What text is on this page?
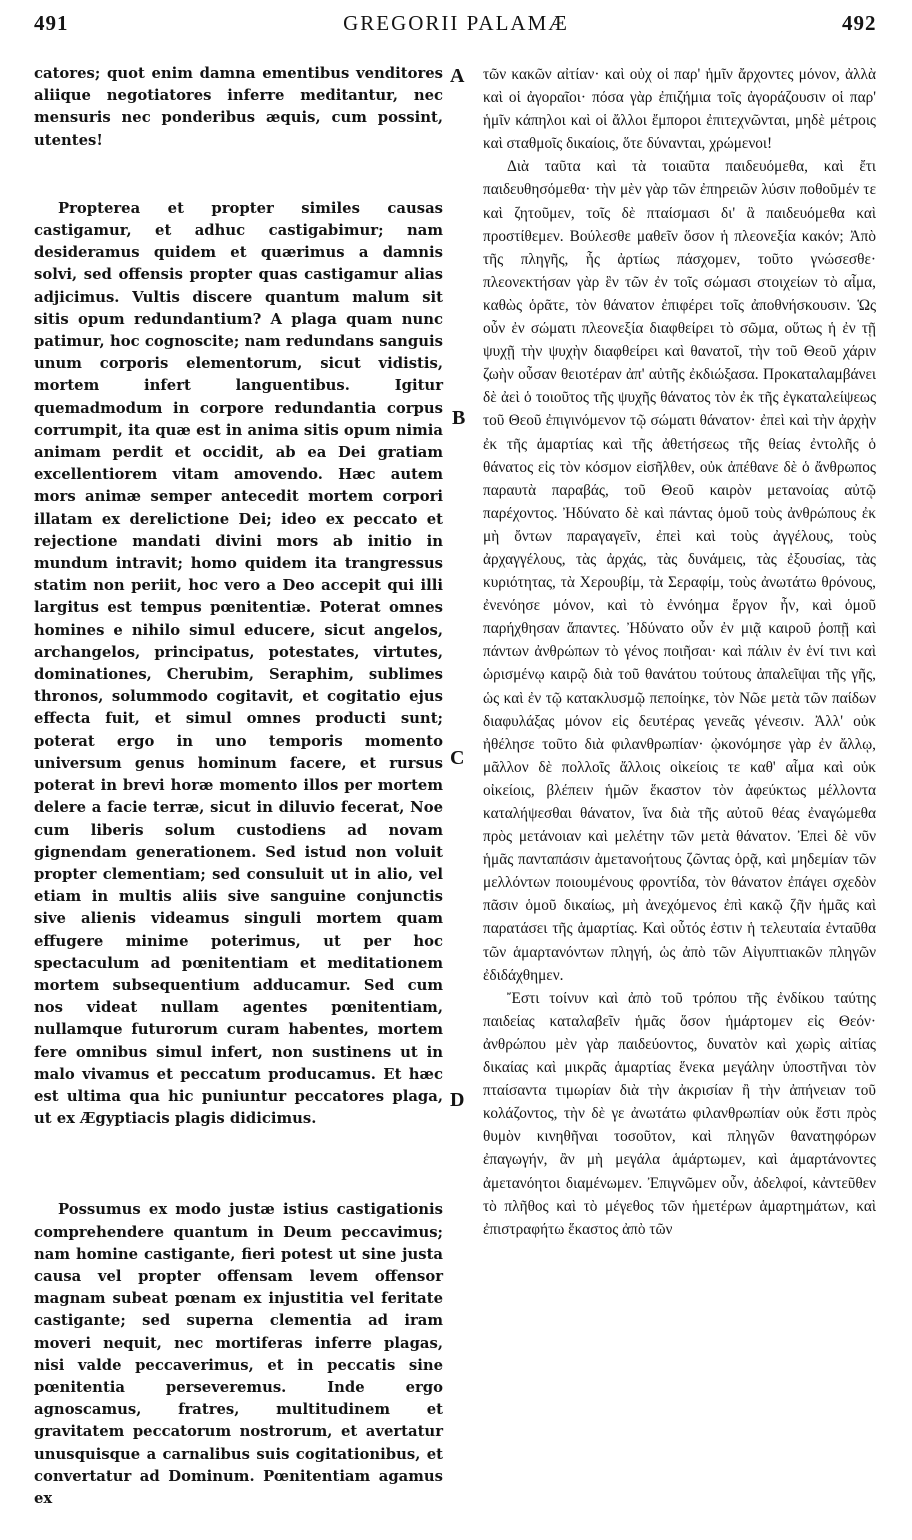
491	GREGORII PALAMÆ	492

catores; quot enim damna ementibus venditores aliique negotiatores inferre meditantur, nec mensuris nec ponderibus æquis, cum possint, utentes!

Propterea et propter similes causas castigamur, et adhuc castigabimur; nam desideramus quidem et quærimus a damnis solvi, sed offensis propter quas castigamur alias adjicimus. Vultis discere quantum malum sit sitis opum redundantium? A plaga quam nunc patimur, hoc cognoscite; nam redundans sanguis unum corporis elementorum, sicut vidistis, mortem infert languentibus. Igitur quemadmodum in corpore redundantia corpus corrumpit, ita quæ est in anima sitis opum nimia animam perdit et occidit, ab ea Dei gratiam excellentiorem vitam amovendo. Hæc autem mors animæ semper antecedit mortem corpori illatam ex derelictione Dei; ideo ex peccato et rejectione mandati divini mors ab initio in mundum intravit; homo quidem ita trangressus statim non periit, hoc vero a Deo accepit qui illi largitus est tempus pœnitentiæ. Poterat omnes homines e nihilo simul educere, sicut angelos, archangelos, principatus, potestates, virtutes, dominationes, Cherubim, Seraphim, sublimes thronos, solummodo cogitavit, et cogitatio ejus effecta fuit, et simul omnes producti sunt; poterat ergo in uno temporis momento universum genus hominum facere, et rursus poterat in brevi horæ momento illos per mortem delere a facie terræ, sicut in diluvio fecerat, Noe cum liberis solum custodiens ad novam gignendam generationem. Sed istud non voluit propter clementiam; sed consuluit ut in alio, vel etiam in multis aliis sive sanguine conjunctis sive alienis videamus singuli mortem quam effugere minime poterimus, ut per hoc spectaculum ad pœnitentiam et meditationem mortem subsequentium adducamur. Sed cum nos videat nullam agentes pœnitentiam, nullamque futurorum curam habentes, mortem fere omnibus simul infert, non sustinens ut in malo vivamus et peccatum producamus. Et hæc est ultima qua hic puniuntur peccatores plaga, ut ex Ægyptiacis plagis didicimus.

Possumus ex modo justæ istius castigationis comprehendere quantum in Deum peccavimus; nam homine castigante, fieri potest ut sine justa causa vel propter offensam levem offensor magnam subeat pœnam ex injustitia vel feritate castigante; sed superna clementia ad iram moveri nequit, nec mortiferas inferre plagas, nisi valde peccaverimus, et in peccatis sine pœnitentia perseveremus. Inde ergo agnoscamus, fratres, multitudinem et gravitatem peccatorum nostrorum, et avertatur unusquisque a carnalibus suis cogitationibus, et convertatur ad Dominum. Pœnitentiam agamus ex

A
B
C
D

τῶν κακῶν αἰτίαν· καὶ οὐχ οἱ παρ' ἡμῖν ἄρχοντες μόνον, ἀλλὰ καὶ οἱ ἀγοραῖοι· πόσα γὰρ ἐπιζήμια τοῖς ἀγοράζουσιν οἱ παρ' ἡμῖν κάπηλοι καὶ οἱ ἄλλοι ἔμποροι ἐπιτεχνῶνται, μηδὲ μέτροις καὶ σταθμοῖς δικαίοις, ὅτε δύνανται, χρώμενοι!

Διὰ ταῦτα καὶ τὰ τοιαῦτα παιδευόμεθα, καὶ ἔτι παιδευθησόμεθα· τὴν μὲν γὰρ τῶν ἐπηρειῶν λύσιν ποθοῦμέν τε καὶ ζητοῦμεν, τοῖς δὲ πταίσμασι δι' ἃ παιδευόμεθα καὶ προστίθεμεν. Βούλεσθε μαθεῖν ὅσον ἡ πλεονεξία κακόν; Ἀπὸ τῆς πληγῆς, ἧς ἀρτίως πάσχομεν, τοῦτο γνώσεσθε· πλεονεκτήσαν γὰρ ἓν τῶν ἐν τοῖς σώμασι στοιχείων τὸ αἷμα, καθὼς ὁρᾶτε, τὸν θάνατον ἐπιφέρει τοῖς ἀποθνήσκουσιν. Ὡς οὖν ἐν σώματι πλεονεξία διαφθείρει τὸ σῶμα, οὕτως ἡ ἐν τῇ ψυχῇ τὴν ψυχὴν διαφθείρει καὶ θανατοῖ, τὴν τοῦ Θεοῦ χάριν ζωὴν οὖσαν θειοτέραν ἀπ' αὐτῆς ἐκδιώξασα. Προκαταλαμβάνει δὲ ἀεὶ ὁ τοιοῦτος τῆς ψυχῆς θάνατος τὸν ἐκ τῆς ἐγκαταλείψεως τοῦ Θεοῦ ἐπιγινόμενον τῷ σώματι θάνατον· ἐπεὶ καὶ τὴν ἀρχὴν ἐκ τῆς ἁμαρτίας καὶ τῆς ἀθετήσεως τῆς θείας ἐντολῆς ὁ θάνατος εἰς τὸν κόσμον εἰσῆλθεν, οὐκ ἀπέθανε δὲ ὁ ἄνθρωπος παραυτὰ παραβάς, τοῦ Θεοῦ καιρὸν μετανοίας αὐτῷ παρέχοντος. Ἠδύνατο δὲ καὶ πάντας ὁμοῦ τοὺς ἀνθρώπους ἐκ μὴ ὄντων παραγαγεῖν, ἐπεὶ καὶ τοὺς ἀγγέλους, τοὺς ἀρχαγγέλους, τὰς ἀρχάς, τὰς δυνάμεις, τὰς ἐξουσίας, τὰς κυριότητας, τὰ Χερουβίμ, τὰ Σεραφίμ, τοὺς ἀνωτάτω θρόνους, ἐνενόησε μόνον, καὶ τὸ ἐννόημα ἔργον ἦν, καὶ ὁμοῦ παρήχθησαν ἅπαντες. Ἠδύνατο οὖν ἐν μιᾷ καιροῦ ῥοπῇ καὶ πάντων ἀνθρώπων τὸ γένος ποιῆσαι· καὶ πάλιν ἐν ἑνί τινι καὶ ὡρισμένῳ καιρῷ διὰ τοῦ θανάτου τούτους ἀπαλεῖψαι τῆς γῆς, ὡς καὶ ἐν τῷ κατακλυσμῷ πεποίηκε, τὸν Νῶε μετὰ τῶν παίδων διαφυλάξας μόνον εἰς δευτέρας γενεᾶς γένεσιν. Ἀλλ' οὐκ ἠθέλησε τοῦτο διὰ φιλανθρωπίαν· ᾠκονόμησε γὰρ ἐν ἄλλῳ, μᾶλλον δὲ πολλοῖς ἄλλοις οἰκείοις τε καθ' αἷμα καὶ οὐκ οἰκείοις, βλέπειν ἡμῶν ἕκαστον τὸν ἀφεύκτως μέλλοντα καταλήψεσθαι θάνατον, ἵνα διὰ τῆς αὐτοῦ θέας ἐναγώμεθα πρὸς μετάνοιαν καὶ μελέτην τῶν μετὰ θάνατον. Ἐπεὶ δὲ νῦν ἡμᾶς πανταπάσιν ἀμετανοήτους ζῶντας ὁρᾷ, καὶ μηδεμίαν τῶν μελλόντων ποιουμένους φροντίδα, τὸν θάνατον ἐπάγει σχεδὸν πᾶσιν ὁμοῦ δικαίως, μὴ ἀνεχόμενος ἐπὶ κακῷ ζῆν ἡμᾶς καὶ παρατάσει τῆς ἁμαρτίας. Καὶ οὗτός ἐστιν ἡ τελευταία ἐνταῦθα τῶν ἁμαρτανόντων πληγή, ὡς ἀπὸ τῶν Αἰγυπτιακῶν πληγῶν ἐδιδάχθημεν.

Ἔστι τοίνυν καὶ ἀπὸ τοῦ τρόπου τῆς ἐνδίκου ταύτης παιδείας καταλαβεῖν ἡμᾶς ὅσον ἡμάρτομεν εἰς Θεόν· ἀνθρώπου μὲν γὰρ παιδεύοντος, δυνατὸν καὶ χωρὶς αἰτίας δικαίας καὶ μικρᾶς ἁμαρτίας ἕνεκα μεγάλην ὑποστῆναι τὸν πταίσαντα τιμωρίαν διὰ τὴν ἀκρισίαν ἢ τὴν ἀπήνειαν τοῦ κολάζοντος, τὴν δὲ γε ἀνωτάτω φιλανθρωπίαν οὐκ ἔστι πρὸς θυμὸν κινηθῆναι τοσοῦτον, καὶ πληγῶν θανατηφόρων ἐπαγωγήν, ἂν μὴ μεγάλα ἁμάρτωμεν, καὶ ἁμαρτάνοντες ἀμετανόητοι διαμένωμεν. Ἐπιγνῶμεν οὖν, ἀδελφοί, κἀντεῦθεν τὸ πλῆθος καὶ τὸ μέγεθος τῶν ἡμετέρων ἁμαρτημάτων, καὶ ἐπιστραφήτω ἕκαστος ἀπὸ τῶν
